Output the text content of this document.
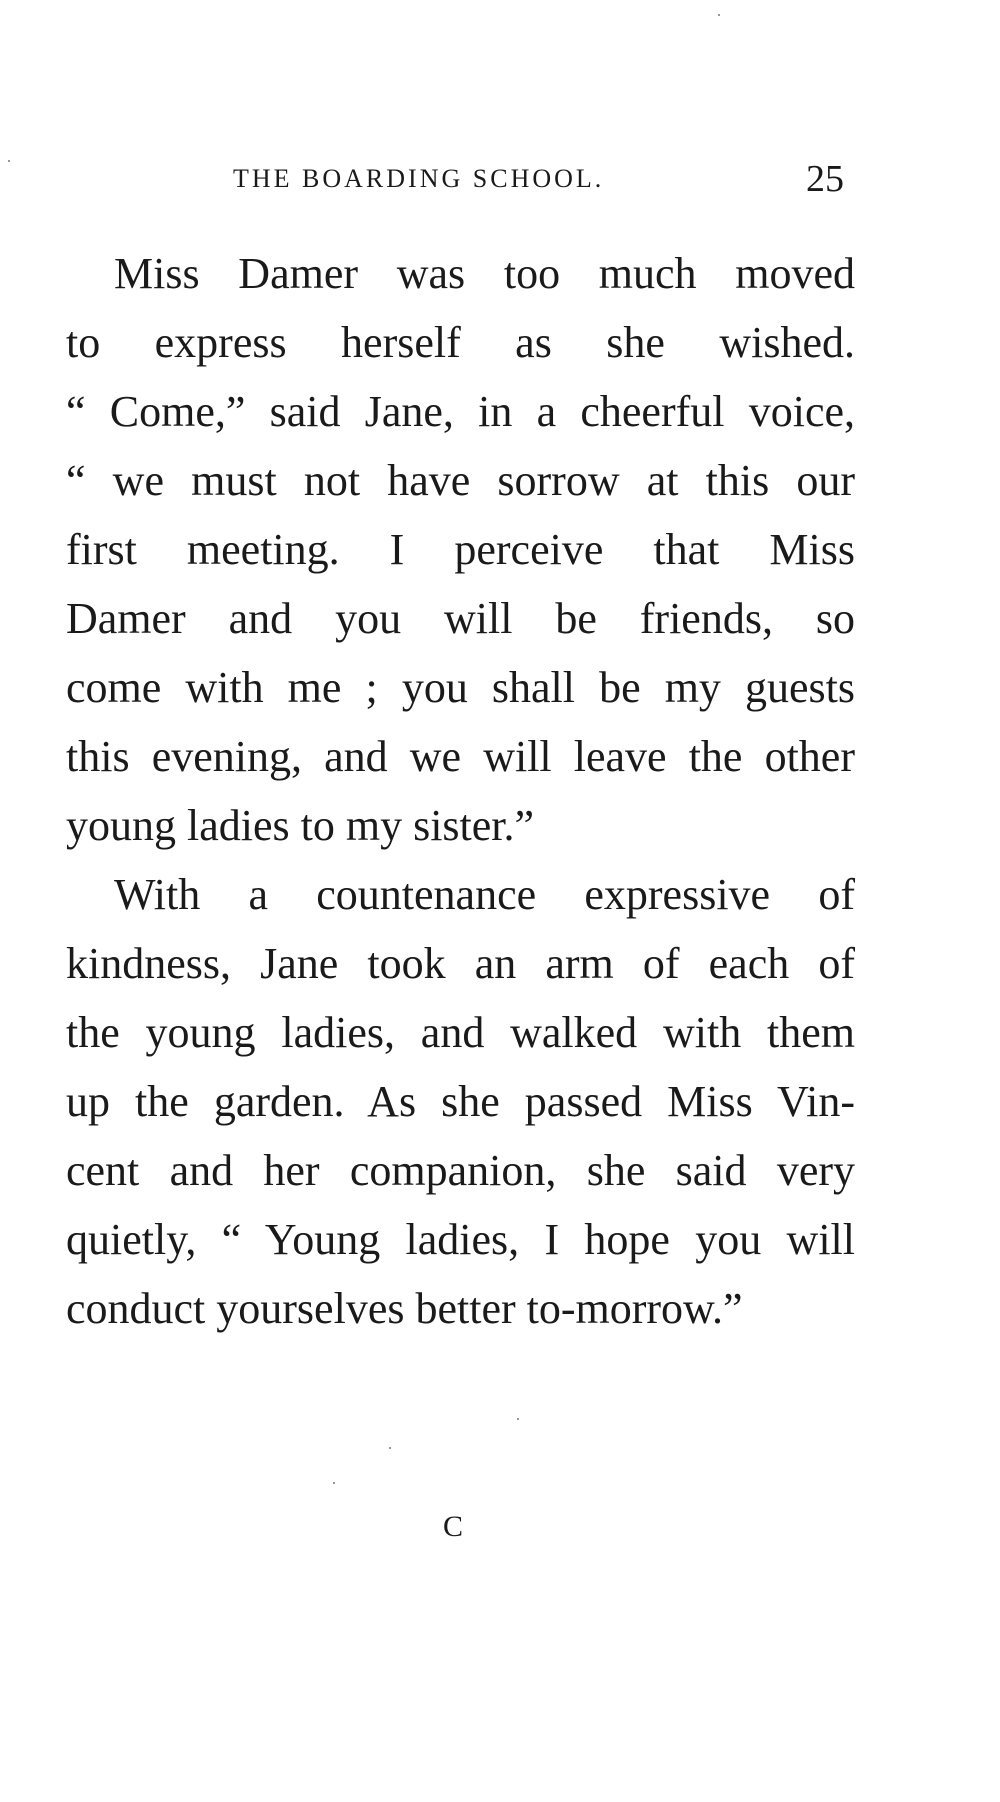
THE BOARDING SCHOOL.	25
Miss Damer was too much moved
to express herself as she wished.
“ Come,” said Jane, in a cheerful voice,
“ we must not have sorrow at this our
first meeting. I perceive that Miss
Damer and you will be friends, so
come with me ; you shall be my guests
this evening, and we will leave the other
young ladies to my sister.”
With a countenance expressive of
kindness, Jane took an arm of each of
the young ladies, and walked with them
up the garden. As she passed Miss Vin-
cent and her companion, she said very
quietly, “ Young ladies, I hope you will
conduct yourselves better to-morrow.”
C
